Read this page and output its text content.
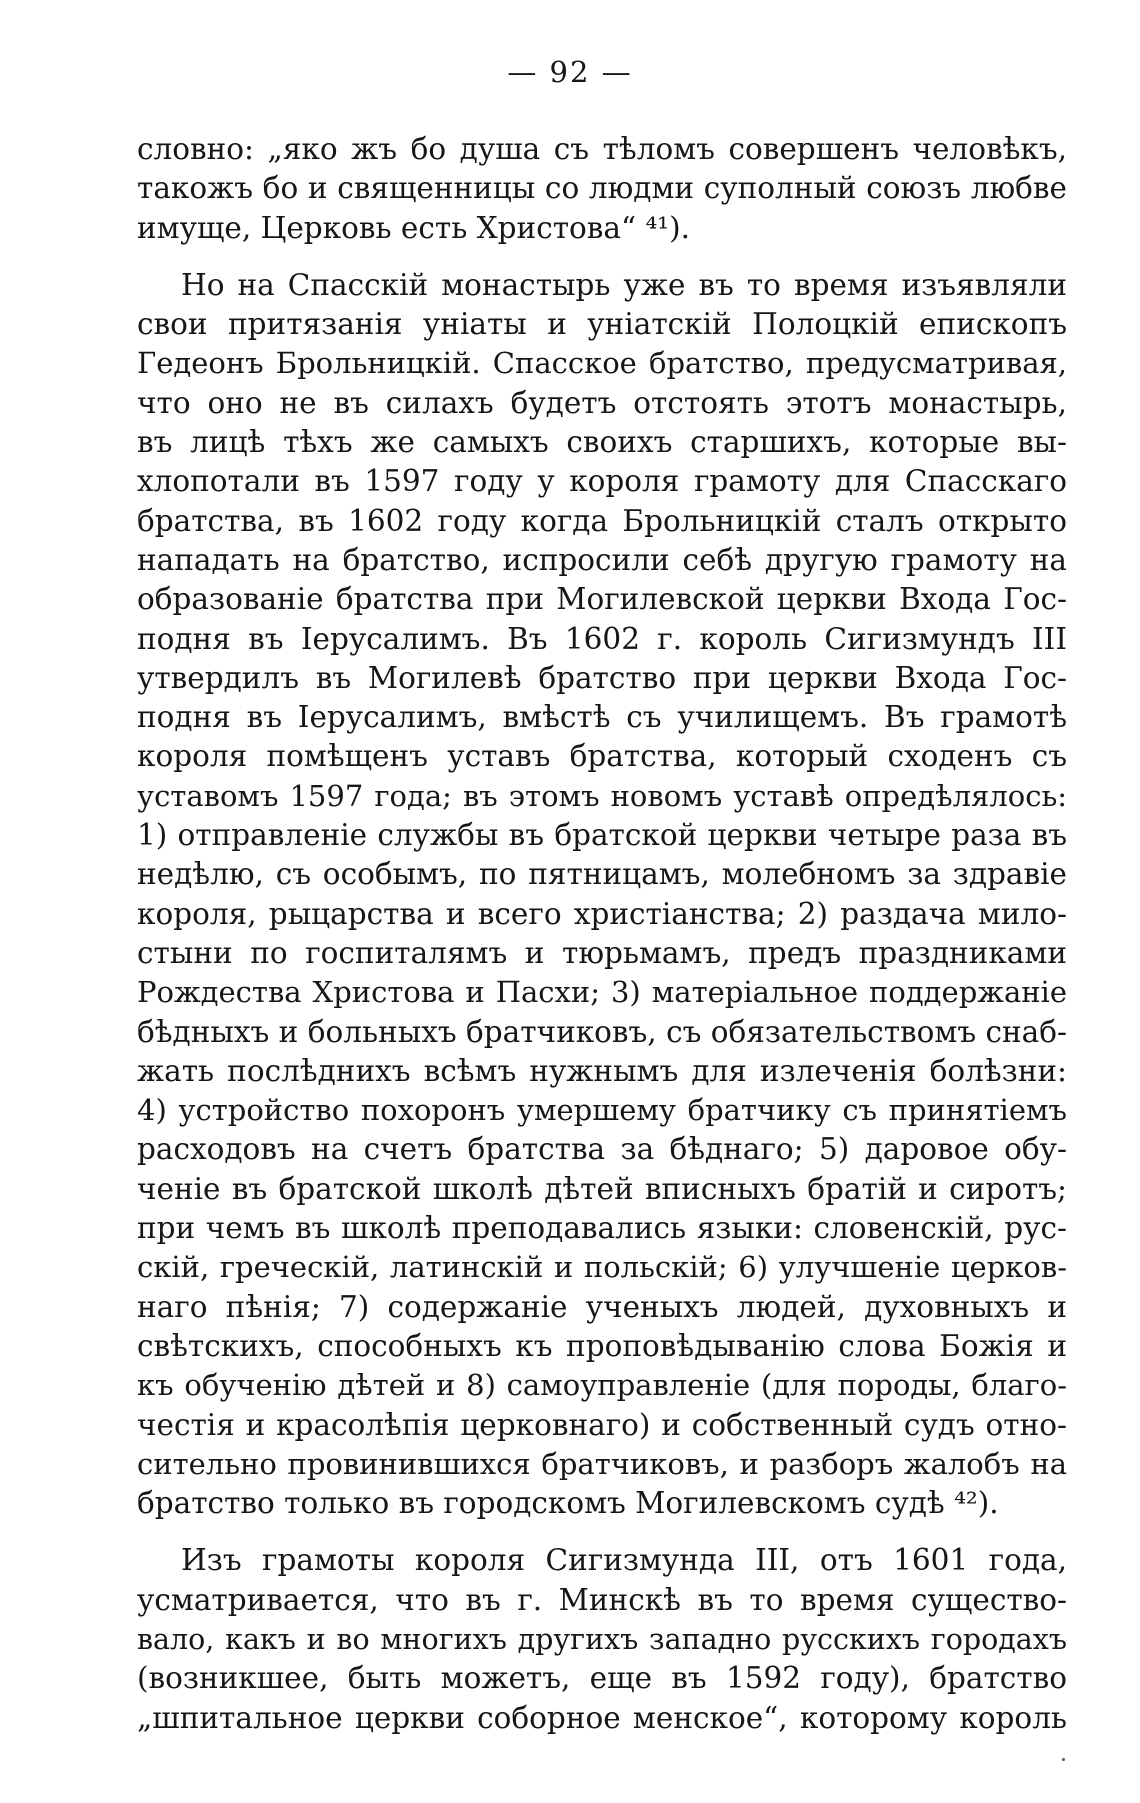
— 92 —
словно: „яко жъ бо душа съ тѣломъ совершенъ человѣкъ,
такожъ бо и священницы со людми суполный союзъ любве
имуще, Церковь есть Христова“ ⁴¹).
Но на Спасскій монастырь уже въ то время изъявляли
свои притязанія уніаты и уніатскій Полоцкій епископъ
Гедеонъ Брольницкій. Спасское братство, предусматривая,
что оно не въ силахъ будетъ отстоять этотъ монастырь,
въ лицѣ тѣхъ же самыхъ своихъ старшихъ, которые вы-
хлопотали въ 1597 году у короля грамоту для Спасскаго
братства, въ 1602 году когда Брольницкій сталъ открыто
нападать на братство, испросили себѣ другую грамоту на
образованіе братства при Могилевской церкви Входа Гос-
подня въ Іерусалимъ. Въ 1602 г. король Сигизмундъ III
утвердилъ въ Могилевѣ братство при церкви Входа Гос-
подня въ Іерусалимъ, вмѣстѣ съ училищемъ. Въ грамотѣ
короля помѣщенъ уставъ братства, который сходенъ съ
уставомъ 1597 года; въ этомъ новомъ уставѣ опредѣлялось:
1) отправленіе службы въ братской церкви четыре раза въ
недѣлю, съ особымъ, по пятницамъ, молебномъ за здравіе
короля, рыцарства и всего христіанства; 2) раздача мило-
стыни по госпиталямъ и тюрьмамъ, предъ праздниками
Рождества Христова и Пасхи; 3) матеріальное поддержаніе
бѣдныхъ и больныхъ братчиковъ, съ обязательствомъ снаб-
жать послѣднихъ всѣмъ нужнымъ для излеченія болѣзни:
4) устройство похоронъ умершему братчику съ принятіемъ
расходовъ на счетъ братства за бѣднаго; 5) даровое обу-
ченіе въ братской школѣ дѣтей вписныхъ братій и сиротъ;
при чемъ въ школѣ преподавались языки: словенскій, рус-
скій, греческій, латинскій и польскій; 6) улучшеніе церков-
наго пѣнія; 7) содержаніе ученыхъ людей, духовныхъ и
свѣтскихъ, способныхъ къ проповѣдыванію слова Божія и
къ обученію дѣтей и 8) самоуправленіе (для породы, благо-
честія и красолѣпія церковнаго) и собственный судъ отно-
сительно провинившихся братчиковъ, и разборъ жалобъ на
братство только въ городскомъ Могилевскомъ судѣ ⁴²).
Изъ грамоты короля Сигизмунда III, отъ 1601 года,
усматривается, что въ г. Минскѣ въ то время существо-
вало, какъ и во многихъ другихъ западно русскихъ городахъ
(возникшее, быть можетъ, еще въ 1592 году), братство
„шпитальное церкви соборное менское“, которому король
